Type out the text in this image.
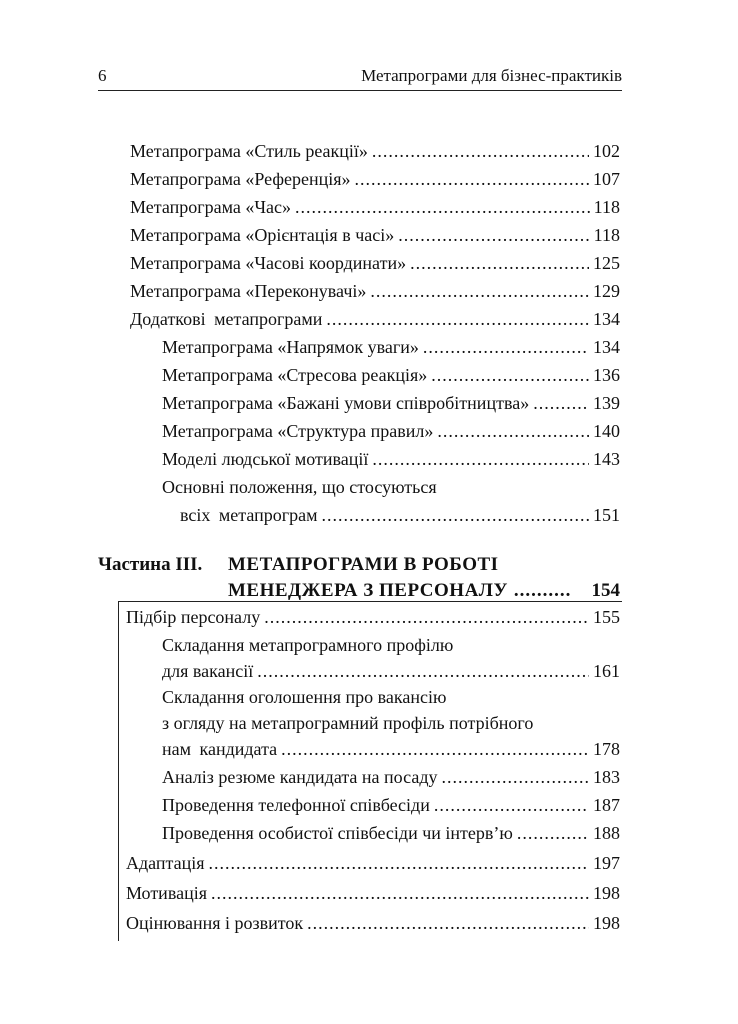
6	Метапрограми для бізнес-практиків
Метапрограма «Стиль реакції» .....	102
Метапрограма «Референція» .....	107
Метапрограма «Час» .....	118
Метапрограма «Орієнтація в часі» .....	118
Метапрограма «Часові координати» .....	125
Метапрограма «Переконувачі» .....	129
Додаткові метапрограми .....	134
Метапрограма «Напрямок уваги» .....	134
Метапрограма «Стресова реакція» .....	136
Метапрограма «Бажані умови співробітництва» .....	139
Метапрограма «Структура правил» .....	140
Моделі людської мотивації .....	143
Основні положення, що стосуються
всіх метапрограм .....	151
Частина III. МЕТАПРОГРАМИ В РОБОТІ
МЕНЕДЖЕРА З ПЕРСОНАЛУ .....	154
Підбір персоналу .....	155
Складання метапрограмного профілю
для вакансії .....	161
Складання оголошення про вакансію
з огляду на метапрограмний профіль потрібного
нам кандидата .....	178
Аналіз резюме кандидата на посаду .....	183
Проведення телефонної співбесіди .....	187
Проведення особистої співбесіди чи інтерв’ю .....	188
Адаптація .....	197
Мотивація .....	198
Оцінювання і розвиток .....	198
